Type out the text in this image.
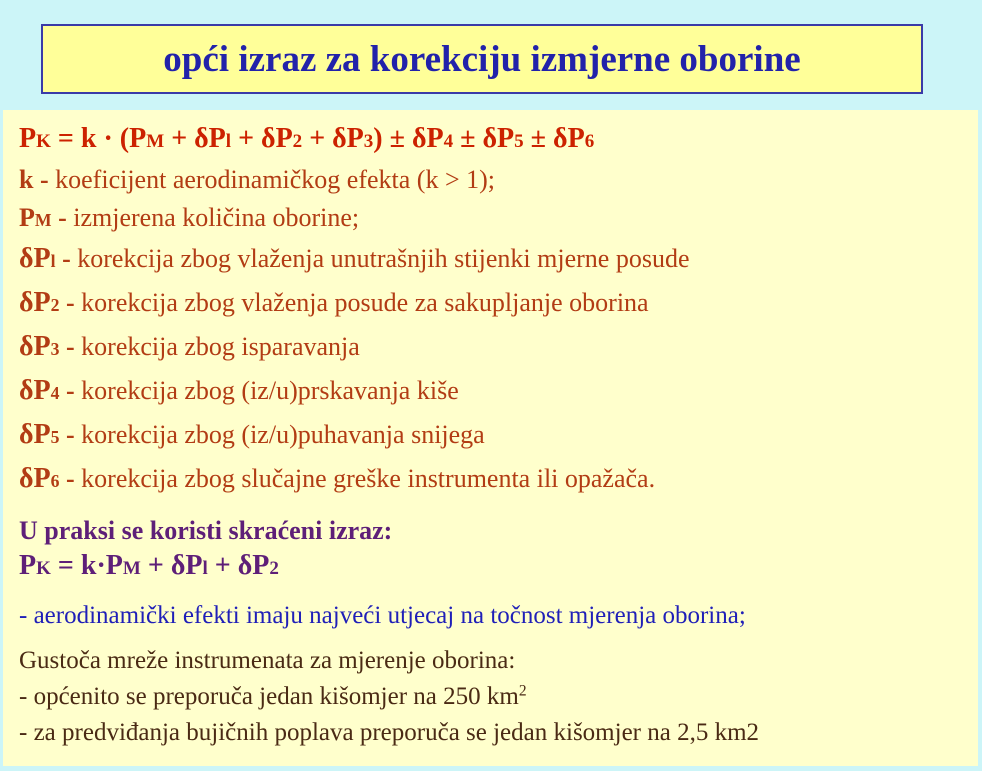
opći izraz za korekciju izmjerne oborine
PK = k · (PM + δPl + δP2 + δP3) ± δP4 ± δP5 ± δP6
k - koeficijent aerodinamičkog efekta (k > 1);
PM - izmjerena količina oborine;
δPl - korekcija zbog vlaženja unutrašnjih stijenki mjerne posude
δP2 - korekcija zbog vlaženja posude za sakupljanje oborina
δP3 - korekcija zbog isparavanja
δP4 - korekcija zbog (iz/u)prskavanja kiše
δP5 - korekcija zbog (iz/u)puhavanja snijega
δP6 - korekcija zbog slučajne greške instrumenta ili opažača.
U praksi se koristi skraćeni izraz:
PK = k·PM + δPl + δP2
- aerodinamički efekti imaju najveći utjecaj na točnost mjerenja oborina;
Gustoča mreže instrumenata za mjerenje oborina:
- općenito se preporuča jedan kišomjer na 250 $km^2$
- za predviđanja bujičnih poplava preporuča se jedan kišomjer na 2,5 km2
